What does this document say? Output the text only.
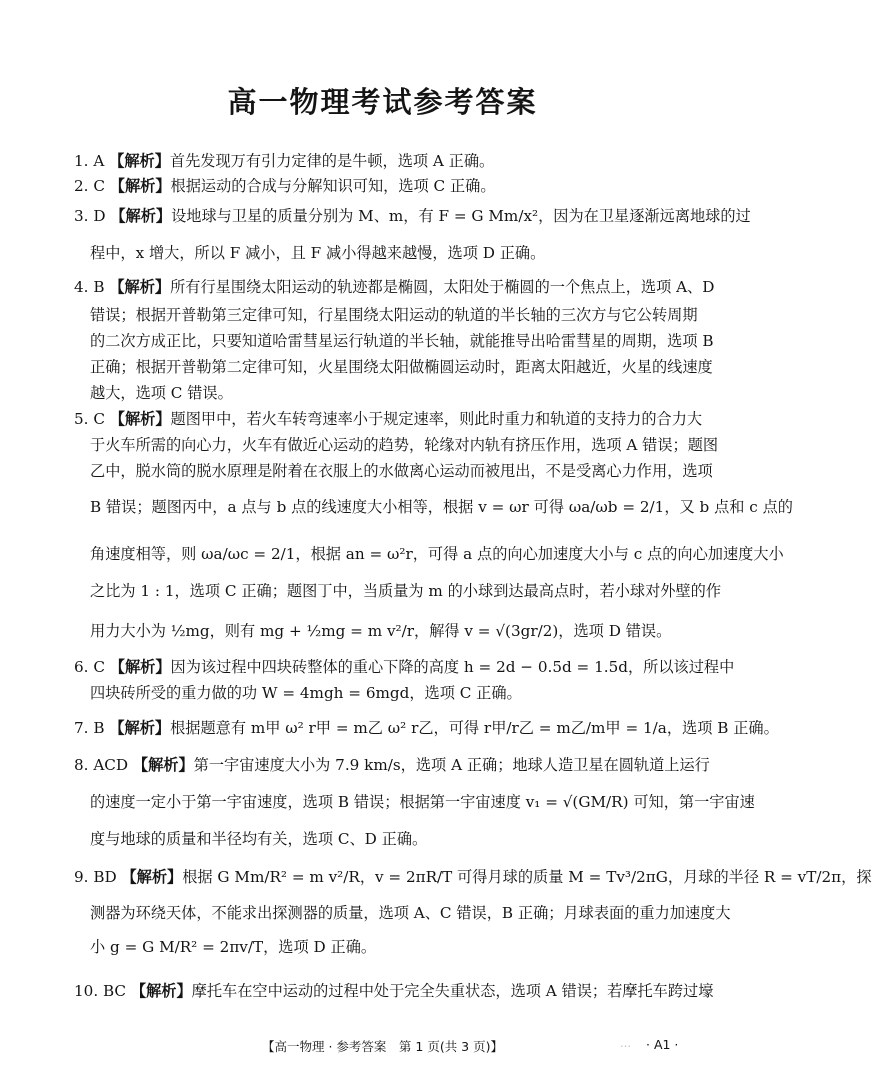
高一物理考试参考答案
1. A 【解析】首先发现万有引力定律的是牛顿，选项 A 正确。
2. C 【解析】根据运动的合成与分解知识可知，选项 C 正确。
3. D 【解析】设地球与卫星的质量分别为 M、m，有 F = G Mm/x²，因为在卫星逐渐远离地球的过
程中，x 增大，所以 F 减小，且 F 减小得越来越慢，选项 D 正确。
4. B 【解析】所有行星围绕太阳运动的轨迹都是椭圆，太阳处于椭圆的一个焦点上，选项 A、D
错误；根据开普勒第三定律可知，行星围绕太阳运动的轨道的半长轴的三次方与它公转周期
的二次方成正比，只要知道哈雷彗星运行轨道的半长轴，就能推导出哈雷彗星的周期，选项 B
正确；根据开普勒第二定律可知，火星围绕太阳做椭圆运动时，距离太阳越近，火星的线速度
越大，选项 C 错误。
5. C 【解析】题图甲中，若火车转弯速率小于规定速率，则此时重力和轨道的支持力的合力大
于火车所需的向心力，火车有做近心运动的趋势，轮缘对内轨有挤压作用，选项 A 错误；题图
乙中，脱水筒的脱水原理是附着在衣服上的水做离心运动而被甩出，不是受离心力作用，选项
B 错误；题图丙中，a 点与 b 点的线速度大小相等，根据 v = ωr 可得 ωa/ωb = 2/1，又 b 点和 c 点的
角速度相等，则 ωa/ωc = 2/1，根据 an = ω²r，可得 a 点的向心加速度大小与 c 点的向心加速度大小
之比为 1 : 1，选项 C 正确；题图丁中，当质量为 m 的小球到达最高点时，若小球对外壁的作
用力大小为 ½mg，则有 mg + ½mg = m v²/r，解得 v = √(3gr/2)，选项 D 错误。
6. C 【解析】因为该过程中四块砖整体的重心下降的高度 h = 2d − 0.5d = 1.5d，所以该过程中
四块砖所受的重力做的功 W = 4mgh = 6mgd，选项 C 正确。
7. B 【解析】根据题意有 m甲 ω² r甲 = m乙 ω² r乙，可得 r甲/r乙 = m乙/m甲 = 1/a，选项 B 正确。
8. ACD 【解析】第一宇宙速度大小为 7.9 km/s，选项 A 正确；地球人造卫星在圆轨道上运行
的速度一定小于第一宇宙速度，选项 B 错误；根据第一宇宙速度 v₁ = √(GM/R) 可知，第一宇宙速
度与地球的质量和半径均有关，选项 C、D 正确。
9. BD 【解析】根据 G Mm/R² = m v²/R，v = 2πR/T 可得月球的质量 M = Tv³/2πG，月球的半径 R = vT/2π，探
测器为环绕天体，不能求出探测器的质量，选项 A、C 错误，B 正确；月球表面的重力加速度大
小 g = G M/R² = 2πv/T，选项 D 正确。
10. BC 【解析】摩托车在空中运动的过程中处于完全失重状态，选项 A 错误；若摩托车跨过壕
【高一物理 · 参考答案　第 1 页(共 3 页)】	… · A1 ·
